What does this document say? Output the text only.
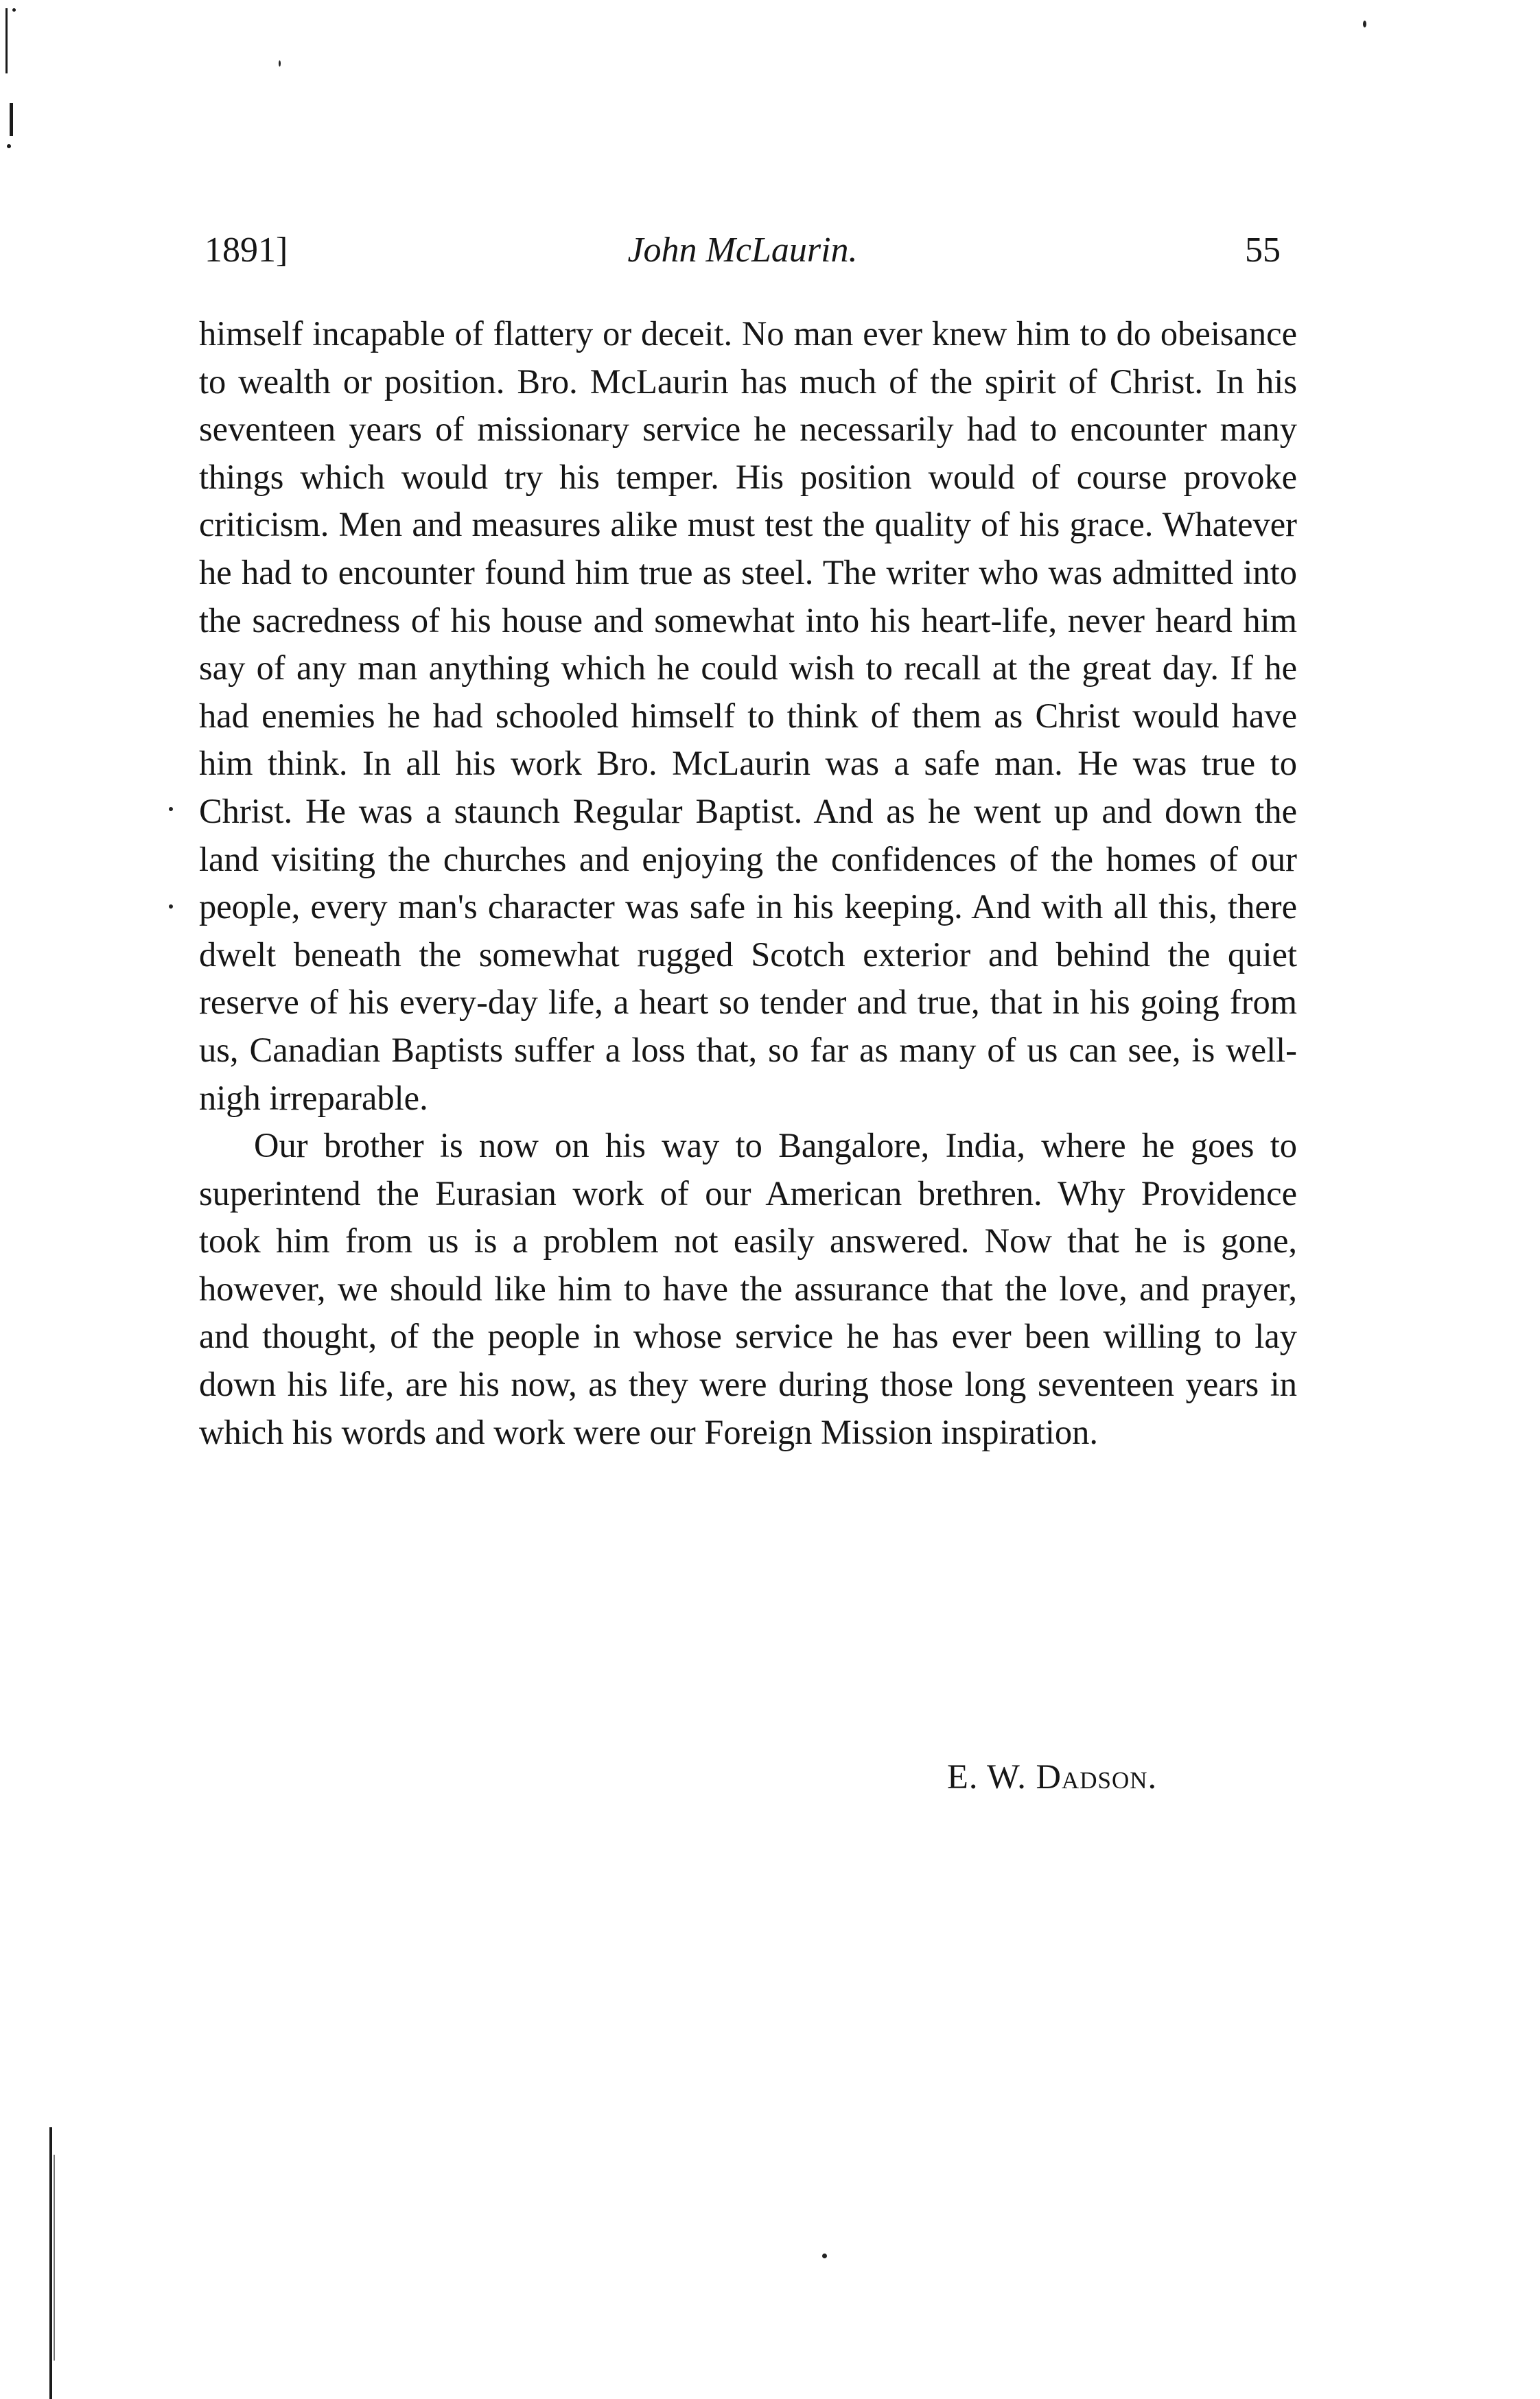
1891]	John McLaurin.	55

himself incapable of flattery or deceit. No man ever knew him to do obeisance to wealth or position. Bro. McLaurin has much of the spirit of Christ. In his seventeen years of missionary service he necessarily had to encounter many things which would try his temper. His position would of course provoke criticism. Men and measures alike must test the quality of his grace. Whatever he had to encounter found him true as steel. The writer who was admitted into the sacredness of his house and somewhat into his heart-life, never heard him say of any man anything which he could wish to recall at the great day. If he had enemies he had schooled himself to think of them as Christ would have him think. In all his work Bro. McLaurin was a safe man. He was true to Christ. He was a staunch Regular Baptist. And as he went up and down the land visiting the churches and enjoying the confidences of the homes of our people, every man's character was safe in his keeping. And with all this, there dwelt beneath the somewhat rugged Scotch exterior and behind the quiet reserve of his every-day life, a heart so tender and true, that in his going from us, Canadian Baptists suffer a loss that, so far as many of us can see, is well-nigh irreparable.

Our brother is now on his way to Bangalore, India, where he goes to superintend the Eurasian work of our American brethren. Why Providence took him from us is a problem not easily answered. Now that he is gone, however, we should like him to have the assurance that the love, and prayer, and thought, of the people in whose service he has ever been willing to lay down his life, are his now, as they were during those long seventeen years in which his words and work were our Foreign Mission inspiration.

E. W. Dadson.
